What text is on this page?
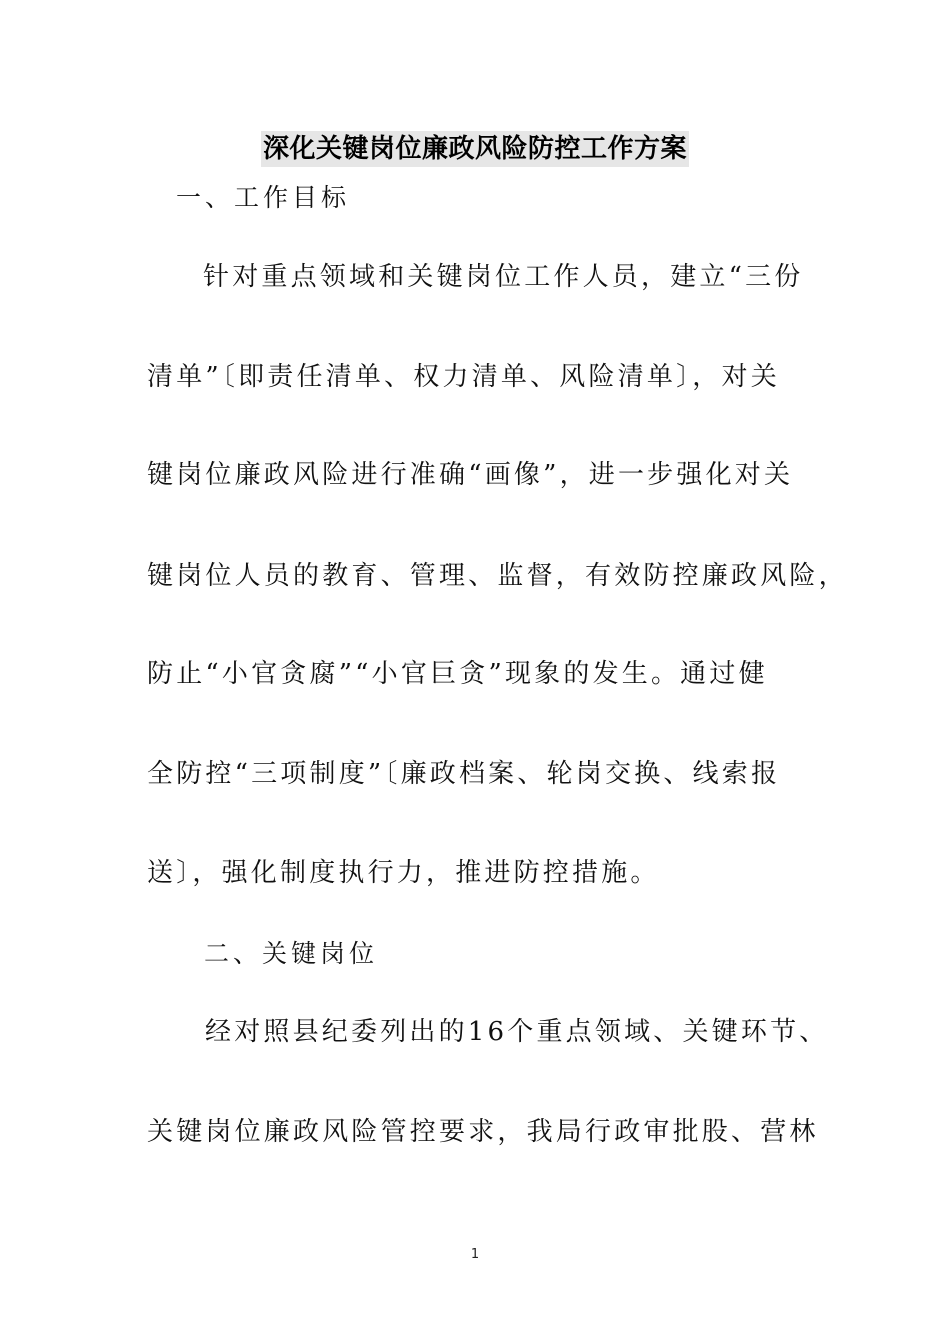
深化关键岗位廉政风险防控工作方案
一、工作目标
针对重点领域和关键岗位工作人员，建立“三份
清单”〔即责任清单、权力清单、风险清单〕，对关
键岗位廉政风险进行准确“画像”，进一步强化对关
键岗位人员的教育、管理、监督，有效防控廉政风险，
防止“小官贪腐”“小官巨贪”现象的发生。通过健
全防控“三项制度”〔廉政档案、轮岗交换、线索报
送〕，强化制度执行力，推进防控措施。
二、关键岗位
经对照县纪委列出的16个重点领域、关键环节、
关键岗位廉政风险管控要求，我局行政审批股、营林
1
